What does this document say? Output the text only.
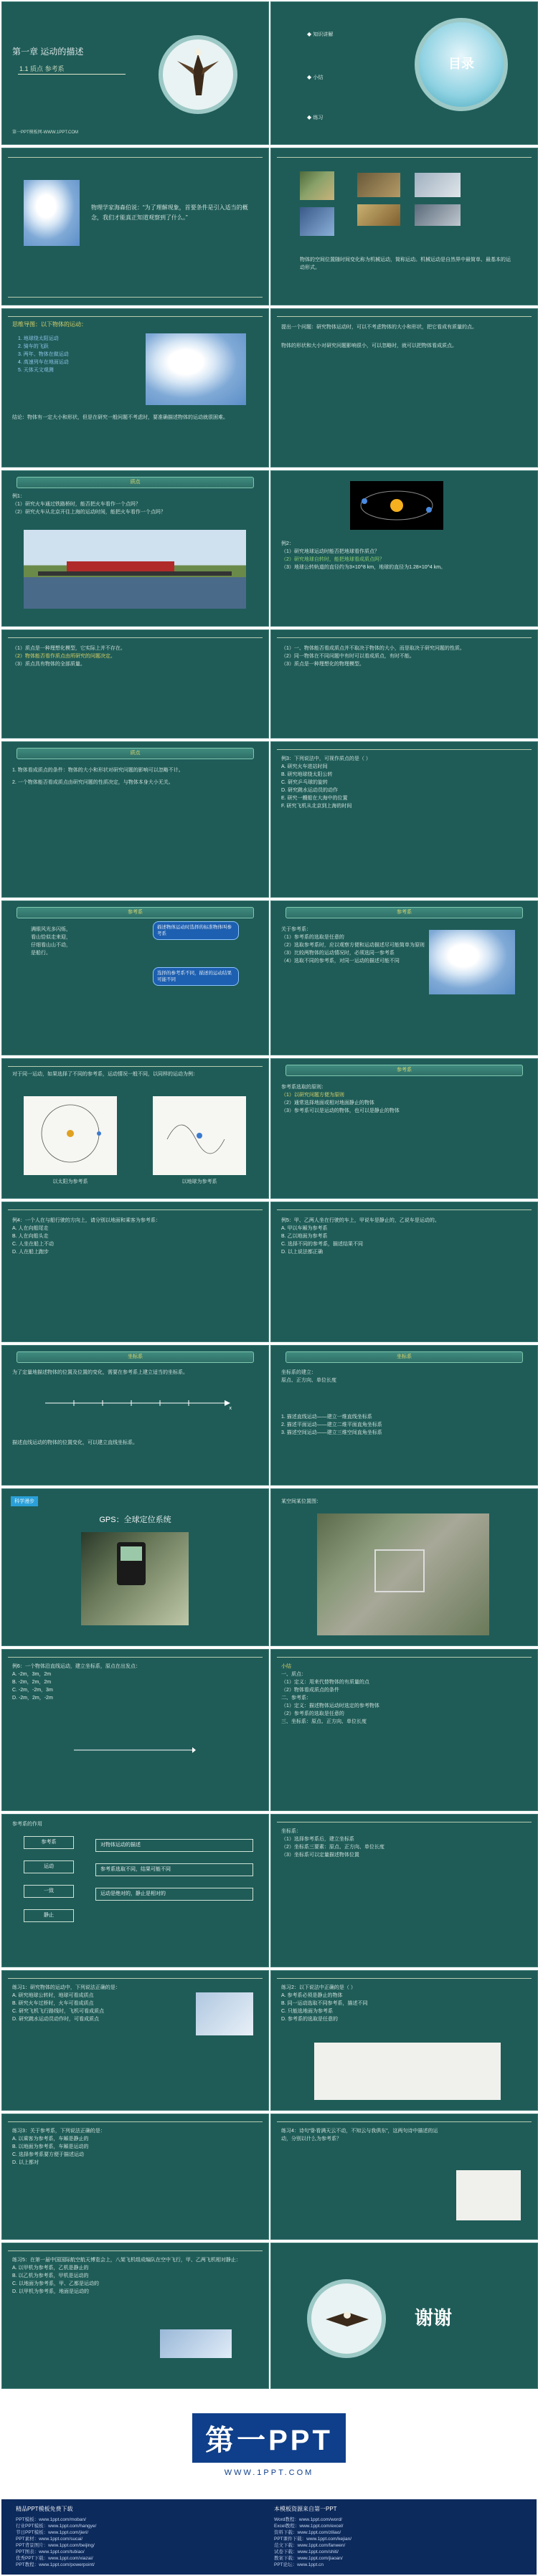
第一章 运动的描述
1.1 质点 参考系
第一PPT模板网-WWW.1PPT.COM
◆ 知识讲解
◆ 小结
◆ 练习
目录
物理学家海森伯说：“为了理解现象，首要条件是引入适当的概念，我们才能真正知道观察到了什么。”
物体的空间位置随时间变化称为机械运动，简称运动。机械运动是自然界中最简单、最基本的运动形式。
思维导图：以下物体的运动：
1. 地球绕太阳运动
2. 骑车的飞跃
3. 两年、物体在做运动
4. 高速列车在地面运动
5. 天体天文观测
结论：物体有一定大小和形状，但是在研究一般问题不考虑时，要准确描述物体的运动就很困难。
提出一个问题：研究物体运动时，可以不考虑物体的大小和形状，把它看成有质量的点。
物体的形状和大小对研究问题影响很小，可以忽略时，就可以把物体看成质点。
质点
例1：
（1）研究火车通过铁路桥时，能否把火车看作一个点吗？
（2）研究火车从北京开往上海的运动时间，能把火车看作一个点吗？
例2：
（1）研究地球运动时能否把地球看作质点？
（2）研究地球自转时，能把地球看成质点吗？
（3）地球公转轨道的直径约为3×10^8 km，地球的直径为1.28×10^4 km。
（1）质点是一种理想化模型，它实际上并不存在。
（2）物体能否看作质点由所研究的问题决定。
（3）质点具有物体的全部质量。
（1）一、物体能否看成质点并不取决于物体的大小，而是取决于研究问题的性质。
（2）同一物体在不同问题中有时可以看成质点，有时不能。
（3）质点是一种理想化的物理模型。
质点
1. 物体看成质点的条件：物体的大小和形状对研究问题的影响可以忽略不计。
2. 一个物体能否看成质点由研究问题的性质决定，与物体本身大小无关。
例3：下列说法中，可视作质点的是（ ）
A. 研究火车进站时间
B. 研究地球绕太阳公转
C. 研究乒乓球的旋转
D. 研究跳水运动员的动作
E. 研究一艘船在大海中的位置
F. 研究飞机从北京到上海的时间
参考系
满眼风光多闪烁，
看山恰似走来迎，
仔细看山山不动，
是船行。
描述物体运动时选择的标准物体叫参考系
选择的参考系不同，描述的运动结果可能不同
参考系
关于参考系：
（1）参考系的选取是任意的
（2）选取参考系时，应以观察方便和运动描述尽可能简单为原则
（3）比较两物体的运动情况时，必须选同一参考系
（4）选取不同的参考系，对同一运动的描述可能不同
对于同一运动，如果选择了不同的参考系，运动情况一般不同，以同样的运动为例：
以太阳为参考系	以地球为参考系
参考系
参考系选取的原则：
（1）以研究问题方便为原则
（2）通常选择地面或相对地面静止的物体
（3）参考系可以是运动的物体，也可以是静止的物体
例4：一个人在与船行驶的方向上，请分别以地面和乘客为参考系：
A. 人在向船尾走
B. 人在向船头走
C. 人坐在船上不动
D. 人在船上跑步
例5：甲、乙两人坐在行驶的车上，甲说车是静止的，乙说车是运动的。
A. 甲以车厢为参考系
B. 乙以地面为参考系
C. 选择不同的参考系，描述结果不同
D. 以上说法都正确
坐标系
为了定量地描述物体的位置及位置的变化，需要在参考系上建立适当的坐标系。
x
描述直线运动的物体的位置变化，可以建立直线坐标系。
坐标系
坐标系的建立：
原点、正方向、单位长度
1. 描述直线运动——建立一维直线坐标系
2. 描述平面运动——建立二维平面直角坐标系
3. 描述空间运动——建立三维空间直角坐标系
科学漫步
GPS：全球定位系统
某空间某位置图：
例6：一个物体沿直线运动，建立坐标系，原点在出发点：
A. -2m，3m，2m
B. -2m，2m，2m
C. -2m，-2m，3m
D. -2m，2m，-2m
小结
一、质点：
（1）定义：用来代替物体的有质量的点
（2）物体看成质点的条件
二、参考系：
（1）定义：描述物体运动时选定的参考物体
（2）参考系的选取是任意的
三、坐标系：原点、正方向、单位长度
参考系的作用
参考系
运动
一致
静止
对物体运动的描述
参考系选取不同，结果可能不同
运动是绝对的，静止是相对的
坐标系：
（1）选择参考系后，建立坐标系
（2）坐标系三要素：原点、正方向、单位长度
（3）坐标系可以定量描述物体位置
练习1：研究物体的运动中，下列说法正确的是：
A. 研究地球公转时，地球可看成质点
B. 研究火车过桥时，火车可看成质点
C. 研究飞机飞行路线时，飞机可看成质点
D. 研究跳水运动员动作时，可看成质点
练习2：以下说法中正确的是（ ）
A. 参考系必须是静止的物体
B. 同一运动选取不同参考系，描述不同
C. 只能选地面为参考系
D. 参考系的选取是任意的
练习3：关于参考系，下列说法正确的是：
A. 以乘客为参考系，车厢是静止的
B. 以地面为参考系，车厢是运动的
C. 选择参考系要方便于描述运动
D. 以上都对
练习4：诗句“卧看满天云不动，不知云与我俱东”，这两句诗中描述的运动，分别以什么为参考系？
练习5：在第一届中国国际航空航天博览会上，八架飞机组成编队在空中飞行，甲、乙两飞机相对静止：
A. 以甲机为参考系，乙机是静止的
B. 以乙机为参考系，甲机是运动的
C. 以地面为参考系，甲、乙都是运动的
D. 以甲机为参考系，地面是运动的
谢谢
第一PPT
WWW.1PPT.COM
精品PPT模板免费下载	本模板资源来自第一PPT
PPT模板：www.1ppt.com/moban/
行业PPT模板：www.1ppt.com/hangye/
节日PPT模板：www.1ppt.com/jieri/
PPT素材：www.1ppt.com/sucai/
PPT背景图片：www.1ppt.com/beijing/
PPT图表：www.1ppt.com/tubiao/
优秀PPT下载：www.1ppt.com/xiazai/
PPT教程：www.1ppt.com/powerpoint/
Word教程：www.1ppt.com/word/
Excel教程：www.1ppt.com/excel/
资料下载：www.1ppt.com/ziliao/
PPT课件下载：www.1ppt.com/kejian/
范文下载：www.1ppt.com/fanwen/
试卷下载：www.1ppt.com/shiti/
教案下载：www.1ppt.com/jiaoan/
PPT论坛：www.1ppt.cn
